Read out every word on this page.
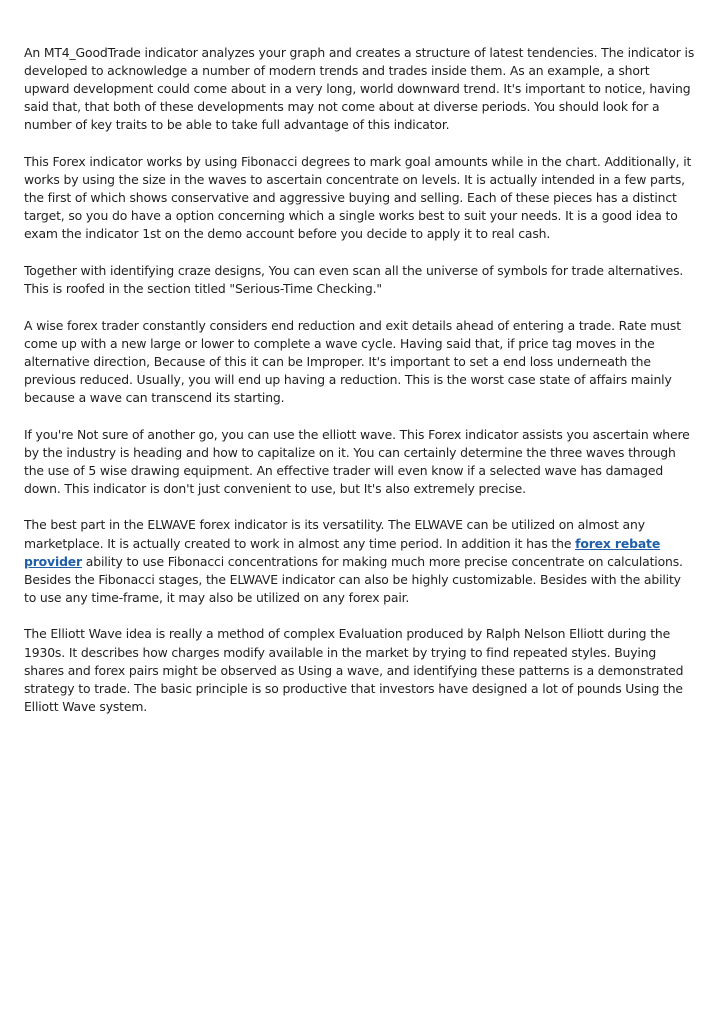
An MT4_GoodTrade indicator analyzes your graph and creates a structure of latest tendencies. The indicator is developed to acknowledge a number of modern trends and trades inside them. As an example, a short upward development could come about in a very long, world downward trend. It's important to notice, having said that, that both of these developments may not come about at diverse periods. You should look for a number of key traits to be able to take full advantage of this indicator.

This Forex indicator works by using Fibonacci degrees to mark goal amounts while in the chart. Additionally, it works by using the size in the waves to ascertain concentrate on levels. It is actually intended in a few parts, the first of which shows conservative and aggressive buying and selling. Each of these pieces has a distinct target, so you do have a option concerning which a single works best to suit your needs. It is a good idea to exam the indicator 1st on the demo account before you decide to apply it to real cash.

Together with identifying craze designs, You can even scan all the universe of symbols for trade alternatives. This is roofed in the section titled "Serious-Time Checking."

A wise forex trader constantly considers end reduction and exit details ahead of entering a trade. Rate must come up with a new large or lower to complete a wave cycle. Having said that, if price tag moves in the alternative direction, Because of this it can be Improper. It's important to set a end loss underneath the previous reduced. Usually, you will end up having a reduction. This is the worst case state of affairs mainly because a wave can transcend its starting.

If you're Not sure of another go, you can use the elliott wave. This Forex indicator assists you ascertain where by the industry is heading and how to capitalize on it. You can certainly determine the three waves through the use of 5 wise drawing equipment. An effective trader will even know if a selected wave has damaged down. This indicator is don't just convenient to use, but It's also extremely precise.

The best part in the ELWAVE forex indicator is its versatility. The ELWAVE can be utilized on almost any marketplace. It is actually created to work in almost any time period. In addition it has the forex rebate provider ability to use Fibonacci concentrations for making much more precise concentrate on calculations. Besides the Fibonacci stages, the ELWAVE indicator can also be highly customizable. Besides with the ability to use any time-frame, it may also be utilized on any forex pair.

The Elliott Wave idea is really a method of complex Evaluation produced by Ralph Nelson Elliott during the 1930s. It describes how charges modify available in the market by trying to find repeated styles. Buying shares and forex pairs might be observed as Using a wave, and identifying these patterns is a demonstrated strategy to trade. The basic principle is so productive that investors have designed a lot of pounds Using the Elliott Wave system.
